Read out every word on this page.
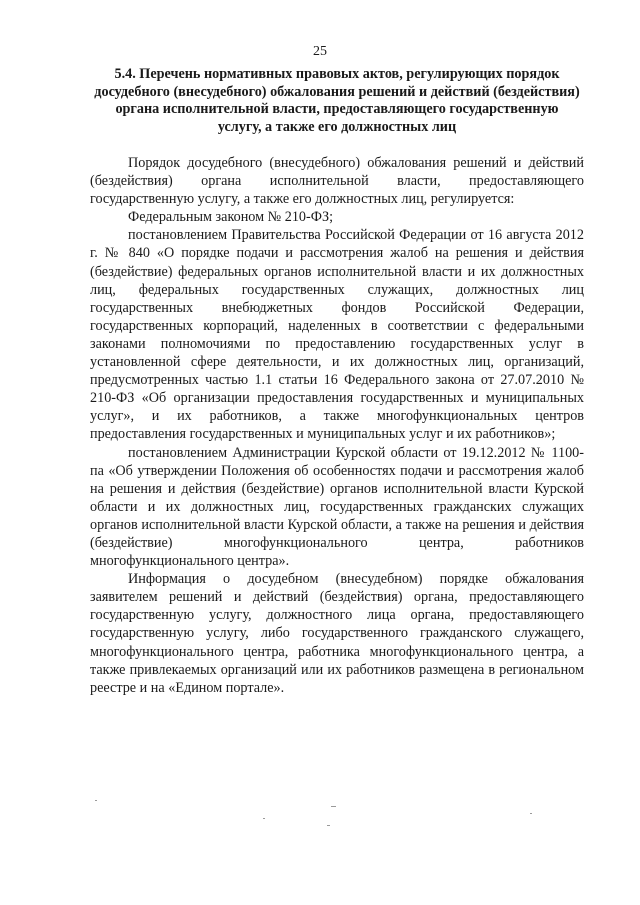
25
5.4. Перечень нормативных правовых актов, регулирующих порядок досудебного (внесудебного) обжалования решений и действий (бездействия) органа исполнительной власти, предоставляющего государственную услугу, а также его должностных лиц

Порядок досудебного (внесудебного) обжалования решений и действий (бездействия) органа исполнительной власти, предоставляющего государственную услугу, а также его должностных лиц, регулируется:

Федеральным законом № 210-ФЗ;

постановлением Правительства Российской Федерации от 16 августа 2012 г. № 840 «О порядке подачи и рассмотрения жалоб на решения и действия (бездействие) федеральных органов исполнительной власти и их должностных лиц, федеральных государственных служащих, должностных лиц государственных внебюджетных фондов Российской Федерации, государственных корпораций, наделенных в соответствии с федеральными законами полномочиями по предоставлению государственных услуг в установленной сфере деятельности, и их должностных лиц, организаций, предусмотренных частью 1.1 статьи 16 Федерального закона от 27.07.2010 № 210-ФЗ «Об организации предоставления государственных и муниципальных услуг», и их работников, а также многофункциональных центров предоставления государственных и муниципальных услуг и их работников»;

постановлением Администрации Курской области от 19.12.2012 № 1100-па «Об утверждении Положения об особенностях подачи и рассмотрения жалоб на решения и действия (бездействие) органов исполнительной власти Курской области и их должностных лиц, государственных гражданских служащих органов исполнительной власти Курской области, а также на решения и действия (бездействие) многофункционального центра, работников многофункционального центра».

Информация о досудебном (внесудебном) порядке обжалования заявителем решений и действий (бездействия) органа, предоставляющего государственную услугу, должностного лица органа, предоставляющего государственную услугу, либо государственного гражданского служащего, многофункционального центра, работника многофункционального центра, а также привлекаемых организаций или их работников размещена в региональном реестре и на «Едином портале».
